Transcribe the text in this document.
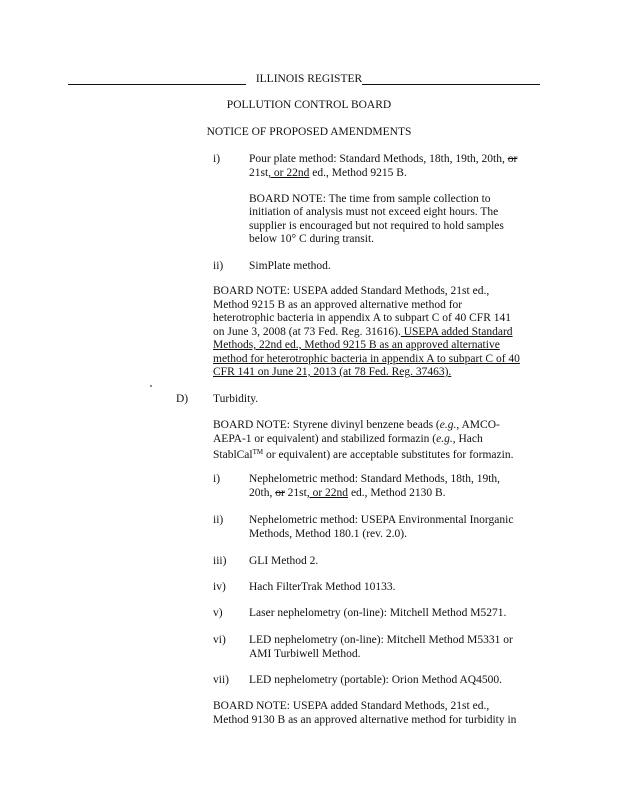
ILLINOIS REGISTER
POLLUTION CONTROL BOARD
NOTICE OF PROPOSED AMENDMENTS
i)	Pour plate method: Standard Methods, 18th, 19th, 20th, or
21st, or 22nd ed., Method 9215 B.
BOARD NOTE: The time from sample collection to
initiation of analysis must not exceed eight hours. The
supplier is encouraged but not required to hold samples
below 10° C during transit.
ii) SimPlate method.
BOARD NOTE: USEPA added Standard Methods, 21st ed.,
Method 9215 B as an approved alternative method for
heterotrophic bacteria in appendix A to subpart C of 40 CFR 141
on June 3, 2008 (at 73 Fed. Reg. 31616). USEPA added Standard
Methods, 22nd ed., Method 9215 B as an approved alternative
method for heterotrophic bacteria in appendix A to subpart C of 40
CFR 141 on June 21, 2013 (at 78 Fed. Reg. 37463).
D) Turbidity.
BOARD NOTE: Styrene divinyl benzene beads (e.g., AMCO-
AEPA-1 or equivalent) and stabilized formazin (e.g., Hach
StablCal™ or equivalent) are acceptable substitutes for formazin.
i)	Nephelometric method: Standard Methods, 18th, 19th,
20th, or 21st, or 22nd ed., Method 2130 B.
ii) Nephelometric method: USEPA Environmental Inorganic
Methods, Method 180.1 (rev. 2.0).
iii) GLI Method 2.
iv) Hach FilterTrak Method 10133.
v) Laser nephelometry (on-line): Mitchell Method M5271.
vi) LED nephelometry (on-line): Mitchell Method M5331 or
AMI Turbiwell Method.
vii) LED nephelometry (portable): Orion Method AQ4500.
BOARD NOTE: USEPA added Standard Methods, 21st ed.,
Method 9130 B as an approved alternative method for turbidity in
